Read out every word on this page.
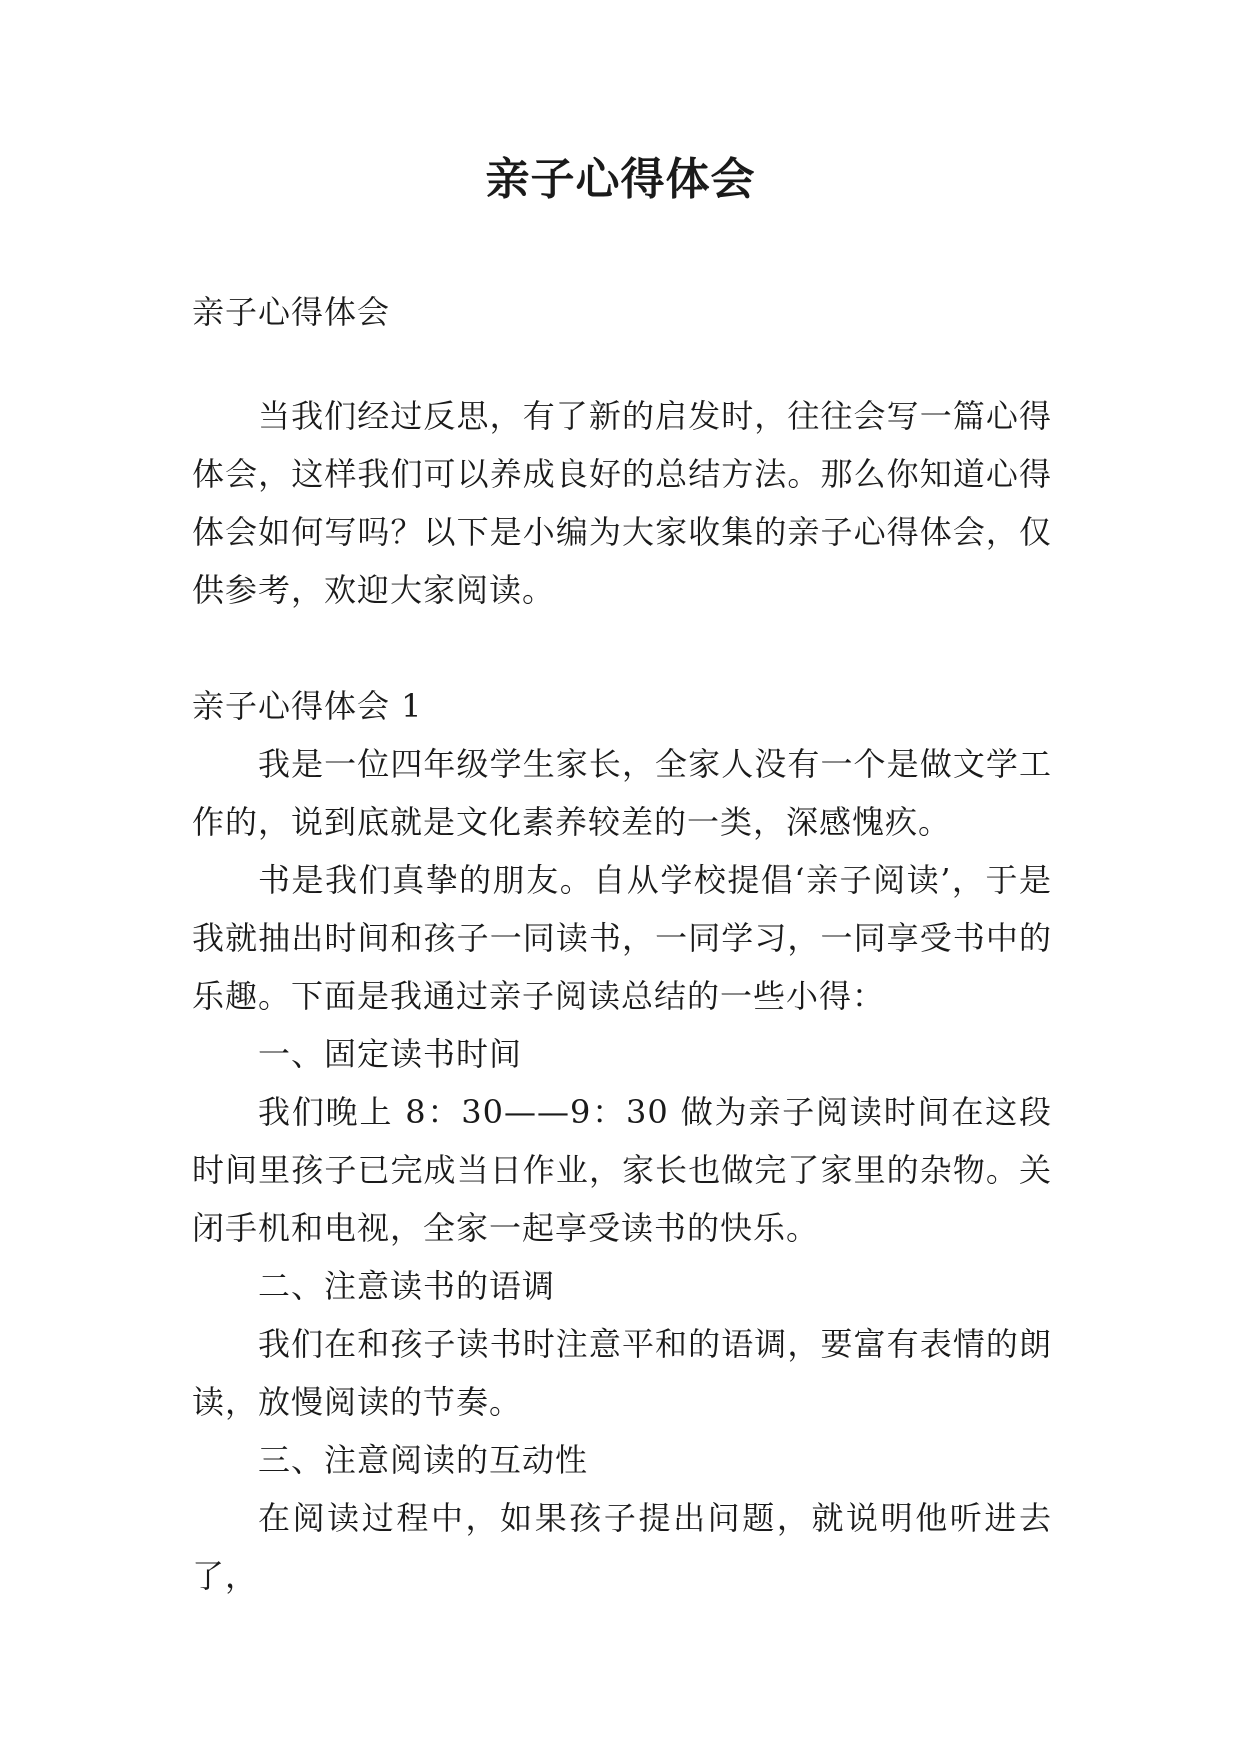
亲子心得体会
亲子心得体会

当我们经过反思，有了新的启发时，往往会写一篇心得体会，这样我们可以养成良好的总结方法。那么你知道心得体会如何写吗？以下是小编为大家收集的亲子心得体会，仅供参考，欢迎大家阅读。

亲子心得体会 1

我是一位四年级学生家长，全家人没有一个是做文学工作的，说到底就是文化素养较差的一类，深感愧疚。

书是我们真挚的朋友。自从学校提倡‘亲子阅读’，于是我就抽出时间和孩子一同读书，一同学习，一同享受书中的乐趣。下面是我通过亲子阅读总结的一些小得：

一、固定读书时间

我们晚上 8：30——9：30 做为亲子阅读时间在这段时间里孩子已完成当日作业，家长也做完了家里的杂物。关闭手机和电视，全家一起享受读书的快乐。

二、注意读书的语调

我们在和孩子读书时注意平和的语调，要富有表情的朗读，放慢阅读的节奏。

三、注意阅读的互动性

在阅读过程中，如果孩子提出问题，就说明他听进去了，
